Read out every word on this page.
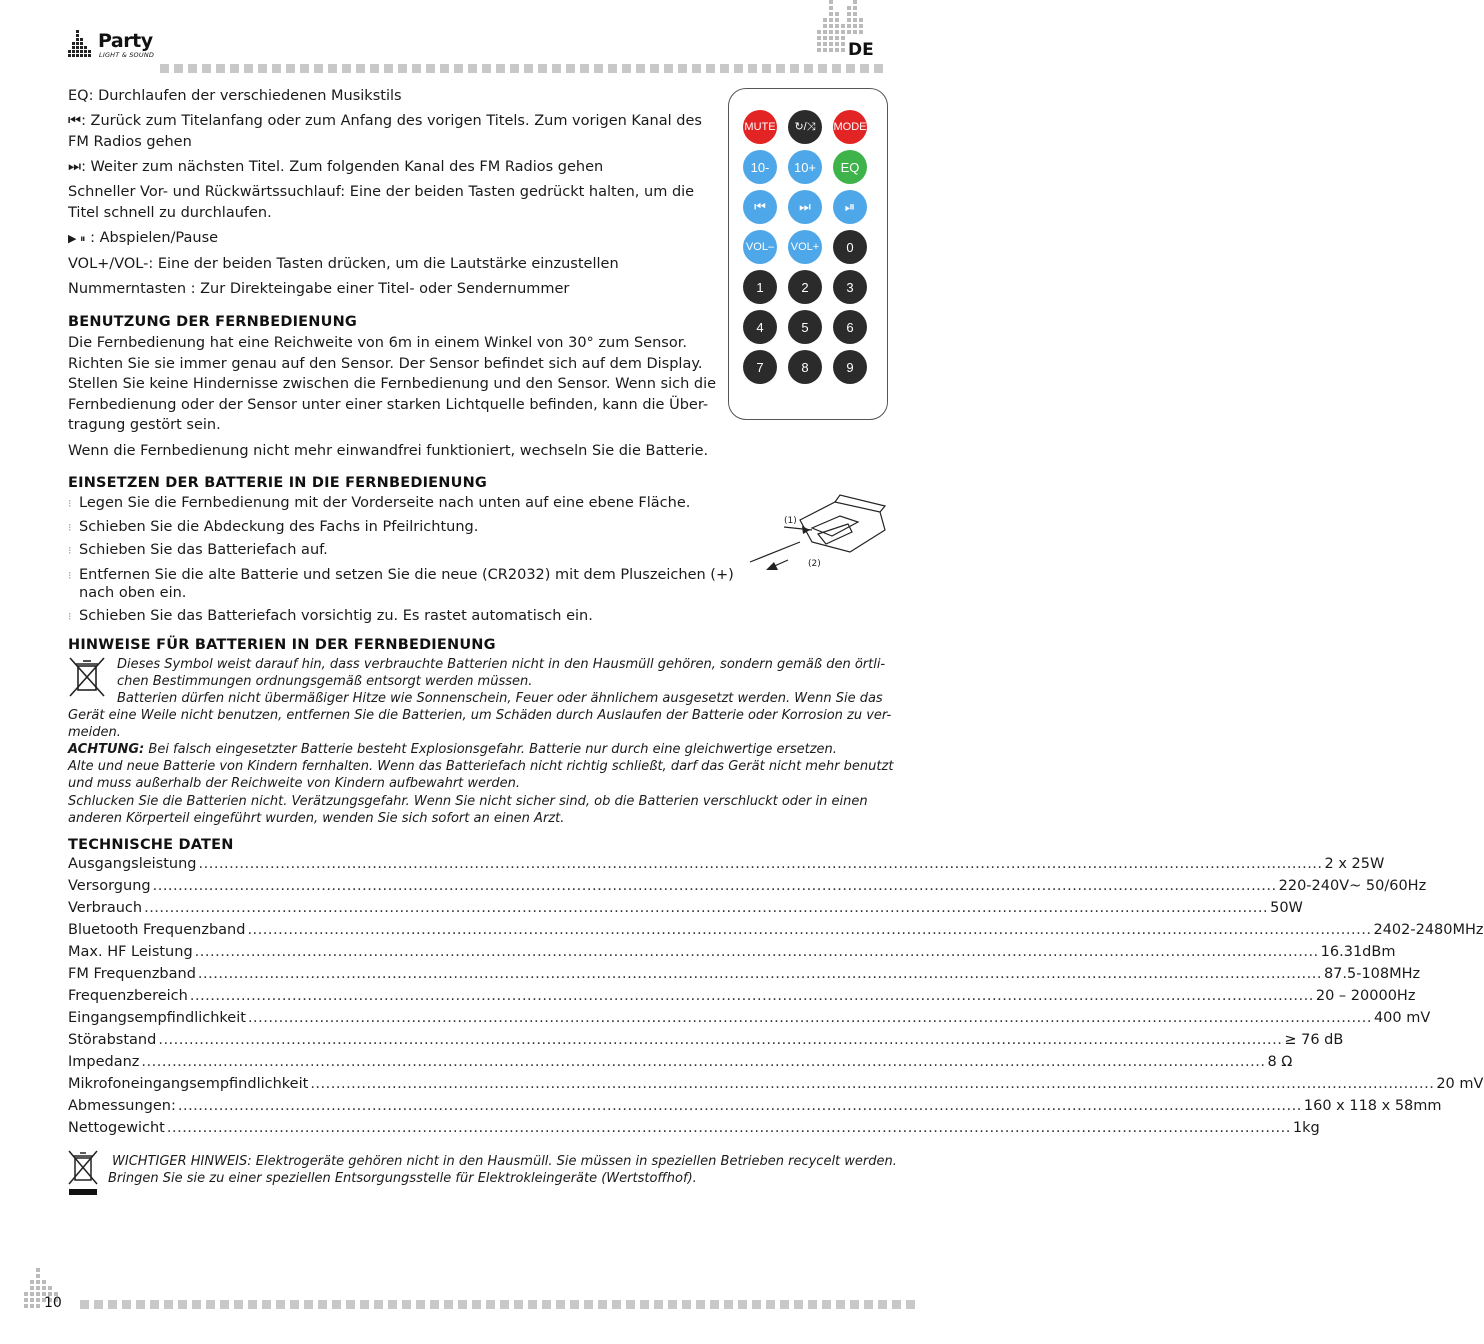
Party
LIGHT & SOUND	DE
EQ: Durchlaufen der verschiedenen Musikstils
⏮: Zurück zum Titelanfang oder zum Anfang des vorigen Titels. Zum vorigen Kanal des
FM Radios gehen
⏭: Weiter zum nächsten Titel. Zum folgenden Kanal des FM Radios gehen
Schneller Vor- und Rückwärtssuchlauf: Eine der beiden Tasten gedrückt halten, um die
Titel schnell zu durchlaufen.
▶ ⏸ : Abspielen/Pause
VOL+/VOL-: Eine der beiden Tasten drücken, um die Lautstärke einzustellen
Nummerntasten : Zur Direkteingabe einer Titel- oder Sendernummer
MUTE	↻/⤨	MODE
10-	10+	EQ
⏮	⏭	⏯
VOL– VOL+	0
1	2	3
4	5	6
7	8	9
BENUTZUNG DER FERNBEDIENUNG
Die Fernbedienung hat eine Reichweite von 6m in einem Winkel von 30° zum Sensor.
Richten Sie sie immer genau auf den Sensor. Der Sensor befindet sich auf dem Display.
Stellen Sie keine Hindernisse zwischen die Fernbedienung und den Sensor. Wenn sich die
Fernbedienung oder der Sensor unter einer starken Lichtquelle befinden, kann die Über-
tragung gestört sein.
Wenn die Fernbedienung nicht mehr einwandfrei funktioniert, wechseln Sie die Batterie.
EINSETZEN DER BATTERIE IN DIE FERNBEDIENUNG
⁝ Legen Sie die Fernbedienung mit der Vorderseite nach unten auf eine ebene Fläche.
⁝ Schieben Sie die Abdeckung des Fachs in Pfeilrichtung.
⁝ Schieben Sie das Batteriefach auf.
⁝ Entfernen Sie die alte Batterie und setzen Sie die neue (CR2032) mit dem Pluszeichen (+)
nach oben ein.
⁝ Schieben Sie das Batteriefach vorsichtig zu. Es rastet automatisch ein.
(1)
(2)
HINWEISE FÜR BATTERIEN IN DER FERNBEDIENUNG
Dieses Symbol weist darauf hin, dass verbrauchte Batterien nicht in den Hausmüll gehören, sondern gemäß den örtli-
chen Bestimmungen ordnungsgemäß entsorgt werden müssen.
Batterien dürfen nicht übermäßiger Hitze wie Sonnenschein, Feuer oder ähnlichem ausgesetzt werden. Wenn Sie das
Gerät eine Weile nicht benutzen, entfernen Sie die Batterien, um Schäden durch Auslaufen der Batterie oder Korrosion zu ver-
meiden.
ACHTUNG: Bei falsch eingesetzter Batterie besteht Explosionsgefahr. Batterie nur durch eine gleichwertige ersetzen.
Alte und neue Batterie von Kindern fernhalten. Wenn das Batteriefach nicht richtig schließt, darf das Gerät nicht mehr benutzt
und muss außerhalb der Reichweite von Kindern aufbewahrt werden.
Schlucken Sie die Batterien nicht. Verätzungsgefahr. Wenn Sie nicht sicher sind, ob die Batterien verschluckt oder in einen
anderen Körperteil eingeführt wurden, wenden Sie sich sofort an einen Arzt.
TECHNISCHE DATEN
Ausgangsleistung ............................................................................................................................................................................................................................ 2 x 25W
Versorgung ............................................................................................................................................................................................................................ 220-240V~ 50/60Hz
Verbrauch ............................................................................................................................................................................................................................ 50W
Bluetooth Frequenzband ............................................................................................................................................................................................................................ 2402-2480MHz
Max. HF Leistung ............................................................................................................................................................................................................................ 16.31dBm
FM Frequenzband ............................................................................................................................................................................................................................ 87.5-108MHz
Frequenzbereich ............................................................................................................................................................................................................................ 20 – 20000Hz
Eingangsempfindlichkeit ............................................................................................................................................................................................................................ 400 mV
Störabstand ............................................................................................................................................................................................................................ ≥ 76 dB
Impedanz ............................................................................................................................................................................................................................ 8 Ω
Mikrofoneingangsempfindlichkeit ............................................................................................................................................................................................................................ 20 mV
Abmessungen: ............................................................................................................................................................................................................................ 160 x 118 x 58mm
Nettogewicht ............................................................................................................................................................................................................................ 1kg
WICHTIGER HINWEIS: Elektrogeräte gehören nicht in den Hausmüll. Sie müssen in speziellen Betrieben recycelt werden.
Bringen Sie sie zu einer speziellen Entsorgungsstelle für Elektrokleingeräte (Wertstoffhof).
10
